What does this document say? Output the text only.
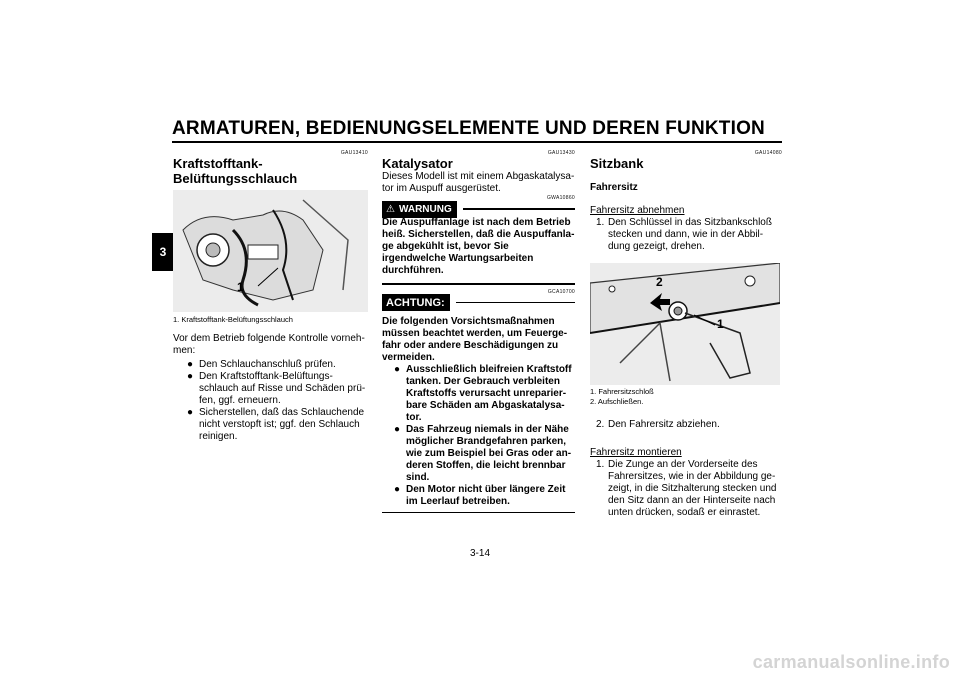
ARMATUREN, BEDIENUNGSELEMENTE UND DEREN FUNKTION
3
GAU13410
Kraftstofftank-Belüftungsschlauch
1
1. Kraftstofftank-Belüftungsschlauch
Vor dem Betrieb folgende Kontrolle vorneh-men:
● Den Schlauchanschluß prüfen.
● Den Kraftstofftank-Belüftungs-schlauch auf Risse und Schäden prü-fen, ggf. erneuern.
● Sicherstellen, daß das Schlauchende nicht verstopft ist; ggf. den Schlauch reinigen.
GAU13430
Katalysator
Dieses Modell ist mit einem Abgaskatalysa-tor im Auspuff ausgerüstet.
⚠ WARNUNG
GWA10860
Die Auspuffanlage ist nach dem Betrieb heiß. Sicherstellen, daß die Auspuffanla-ge abgekühlt ist, bevor Sie irgendwelche Wartungsarbeiten durchführen.
GCA10700
ACHTUNG:
Die folgenden Vorsichtsmaßnahmen müssen beachtet werden, um Feuerge-fahr oder andere Beschädigungen zu vermeiden.
● Ausschließlich bleifreien Kraftstoff tanken. Der Gebrauch verbleiten Kraftstoffs verursacht unreparier-bare Schäden am Abgaskatalysa-tor.
● Das Fahrzeug niemals in der Nähe möglicher Brandgefahren parken, wie zum Beispiel bei Gras oder an-deren Stoffen, die leicht brennbar sind.
● Den Motor nicht über längere Zeit im Leerlauf betreiben.
GAU14080
Sitzbank
Fahrersitz
Fahrersitz abnehmen
1. Den Schlüssel in das Sitzbankschloß stecken und dann, wie in der Abbil-dung gezeigt, drehen.
1
2
1. Fahrersitzschloß
2. Aufschließen.
2. Den Fahrersitz abziehen.
Fahrersitz montieren
1. Die Zunge an der Vorderseite des Fahrersitzes, wie in der Abbildung ge-zeigt, in die Sitzhalterung stecken und den Sitz dann an der Hinterseite nach unten drücken, sodaß er einrastet.
3-14
carmanualsonline.info
